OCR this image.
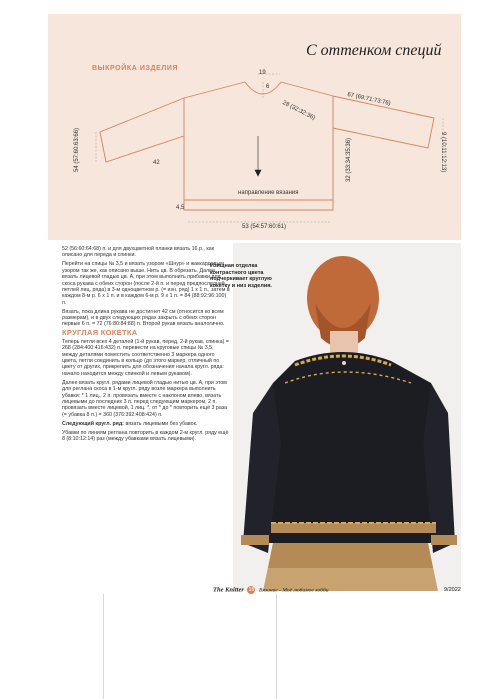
С оттенком специй
ВЫКРОЙКА ИЗДЕЛИЯ
19
6
28 (32:32:36)
67 (69:71:73:76)
54 (57:60:63:66)	42	9 (10:11:12:13)
направление вязания
32 (33:34:35:36)
4,5
53 (54:57:60:61)
Изящная отделка контрастного цвета подчеркивает круглую кокетку и низ изделия.

52 (56:60:64:68) п. и для двухцветной планки вязать 16 р., как описано для переда и спинки.

Перейти на спицы № 3,5 и вязать узором «Шнур» и жаккардовым узором так же, как описано выше. Нить цв. В обрезать. Далее вязать лицевой гладью цв. А, при этом выполнить прибавки для скоса рукава с обеих сторон (после 2-й п. и перед предпоследней петлей лиц. ряда) в 3-м одноцветном р. (= изн. ряд) 1 х 1 п., затем в каждом 8-м р. 6 х 1 п. и в каждом 6-м р. 9 х 1 п. = 84 (88:92:96:100) п.

Вязать, пока длина рукава не достигнет 42 см (относится ко всем размерам), и в двух следующих рядах закрыть с обеих сторон первые 6 п. = 72 (76:80:84:88) п. Второй рукав вязать аналогично.

КРУГЛАЯ КОКЕТКА

Теперь петли всех 4 деталей (1-й рукав, перед, 2-й рукав, спинка) = 268 (284:400:416:432) п. перевести на круговые спицы № 3,5, между деталями поместить соответственно 3 маркера одного цвета, петли соединить в кольцо (до этого маркер, отличный по цвету от других, прикрепить для обозначения начала кругл. ряда: начало находится между спинкой и левым рукавом).

Далее вязать кругл. рядами лицевой гладью нитью цв. А, при этом для реглана скоса в 1-м кругл. ряду возле маркера выполнить убавки: * 1 лиц., 2 п. провязать вместе с наклоном влево, вязать лицевыми до последних 3 п. перед следующим маркером, 2 п. провязать вместе лицевой, 1 лиц. *, от * до * повторить ещё 3 раза (= убавка 8 п.) = 360 (376:392:408:424) п.

Следующий кругл. ряд: вязать лицевыми без убавок.

Убавки по линиям реглана повторить в каждом 2-м кругл. ряду ещё 8 (8:10:12:14) раз (между убавками вязать лицевыми).

The Knitter 18 Вязание - Моё любимое хобби	9/2022
